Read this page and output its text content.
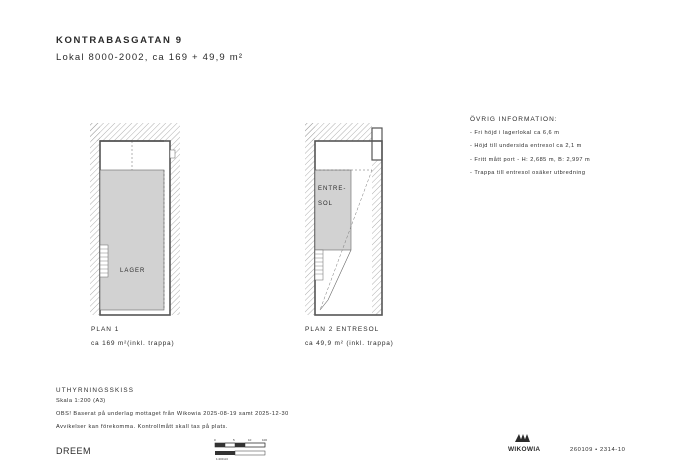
KONTRABASGATAN 9
Lokal 8000-2002, ca 169 + 49,9 m²
ÖVRIG INFORMATION:
- Fri höjd i lagerlokal ca 6,6 m
- Höjd till undersida entresol ca 2,1 m
- Fritt mått port - H: 2,685 m, B: 2,997 m
- Trappa till entresol osäker utbredning
0	5	10	100
1:200 A3
LAGER
ENTRE-
SOL
PLAN 1
ca 169 m²(inkl. trappa)
PLAN 2 ENTRESOL
ca 49,9 m² (inkl. trappa)
UTHYRNINGSSKISS
Skala 1:200 (A3)
OBS! Baserat på underlag mottaget från Wikowia 2025-08-19 samt 2025-12-30
Avvikelser kan förekomma. Kontrollmått skall tas på plats.
DREEM	WIKOWIA	260109 • 2314-10
